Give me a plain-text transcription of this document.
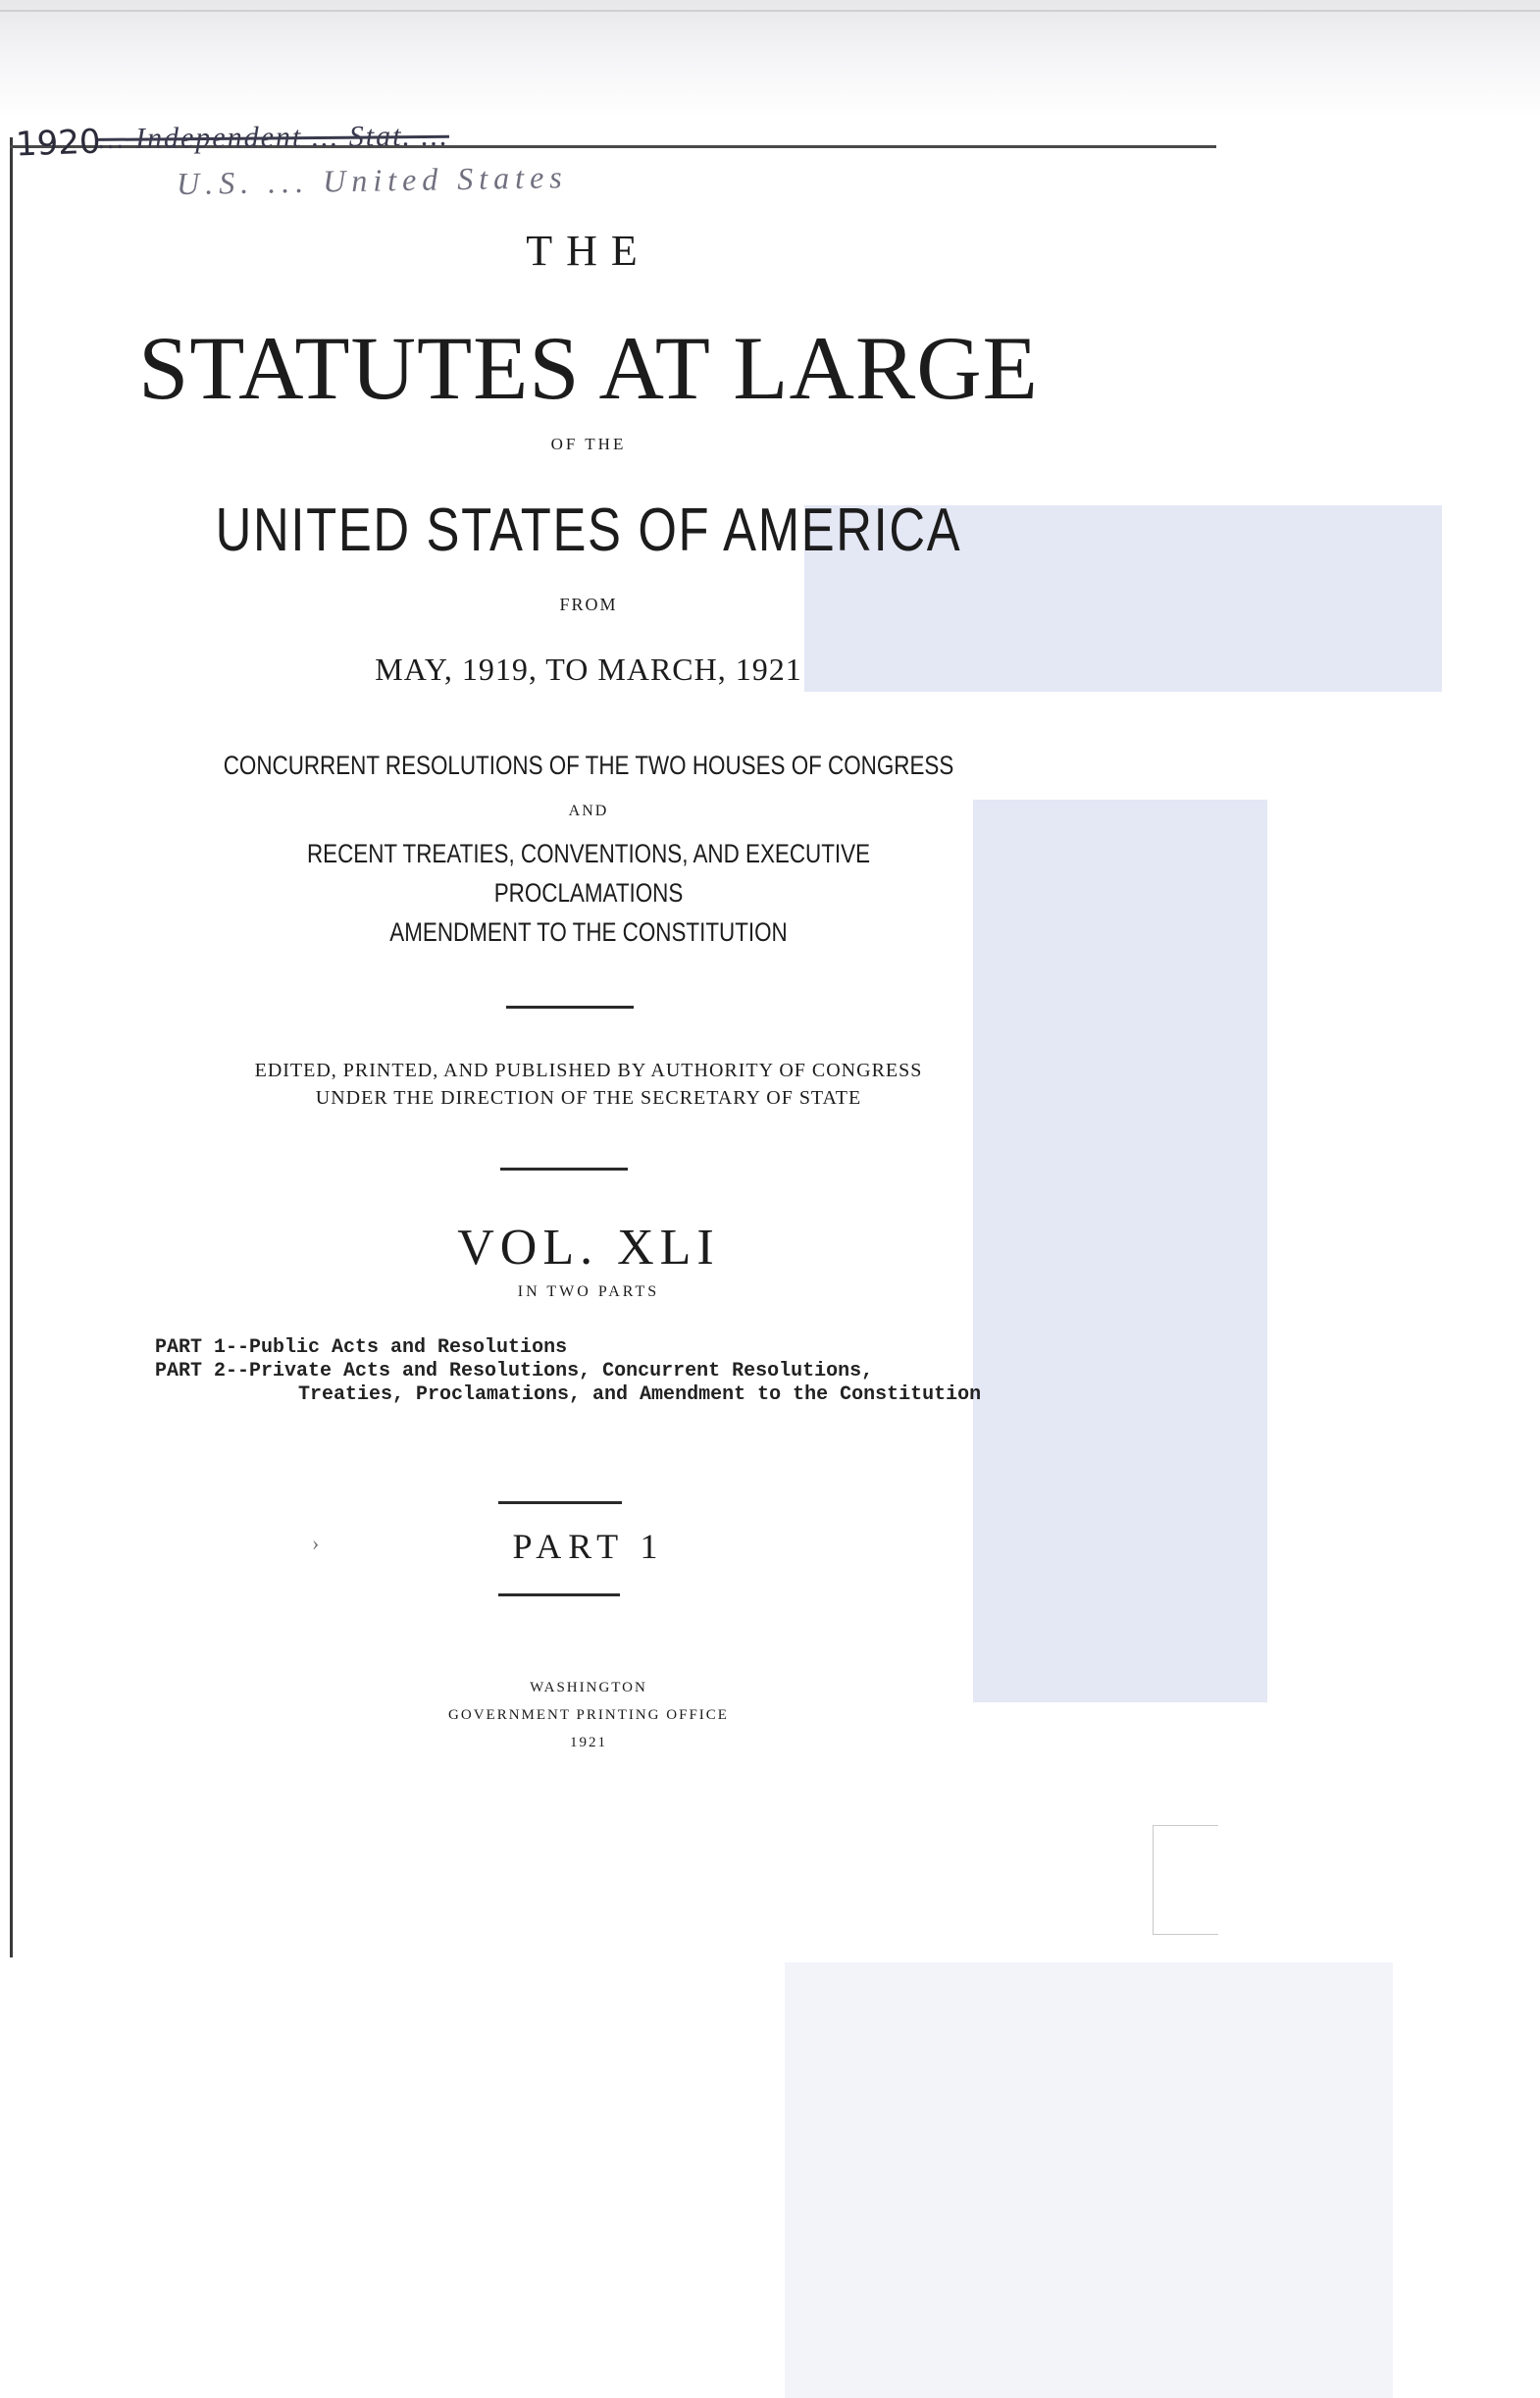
1920
... Independent ... Stat. ...
U.S. ... United States
THE
STATUTES AT LARGE
OF THE
UNITED STATES OF AMERICA
FROM
MAY, 1919, TO MARCH, 1921
CONCURRENT RESOLUTIONS OF THE TWO HOUSES OF CONGRESS
AND
RECENT TREATIES, CONVENTIONS, AND EXECUTIVE
PROCLAMATIONS
AMENDMENT TO THE CONSTITUTION
EDITED, PRINTED, AND PUBLISHED BY AUTHORITY OF CONGRESS
UNDER THE DIRECTION OF THE SECRETARY OF STATE
VOL. XLI
IN TWO PARTS
PART 1--Public Acts and Resolutions
PART 2--Private Acts and Resolutions, Concurrent Resolutions,
Treaties, Proclamations, and Amendment to the Constitution
PART 1
›
WASHINGTON
GOVERNMENT PRINTING OFFICE
1921
